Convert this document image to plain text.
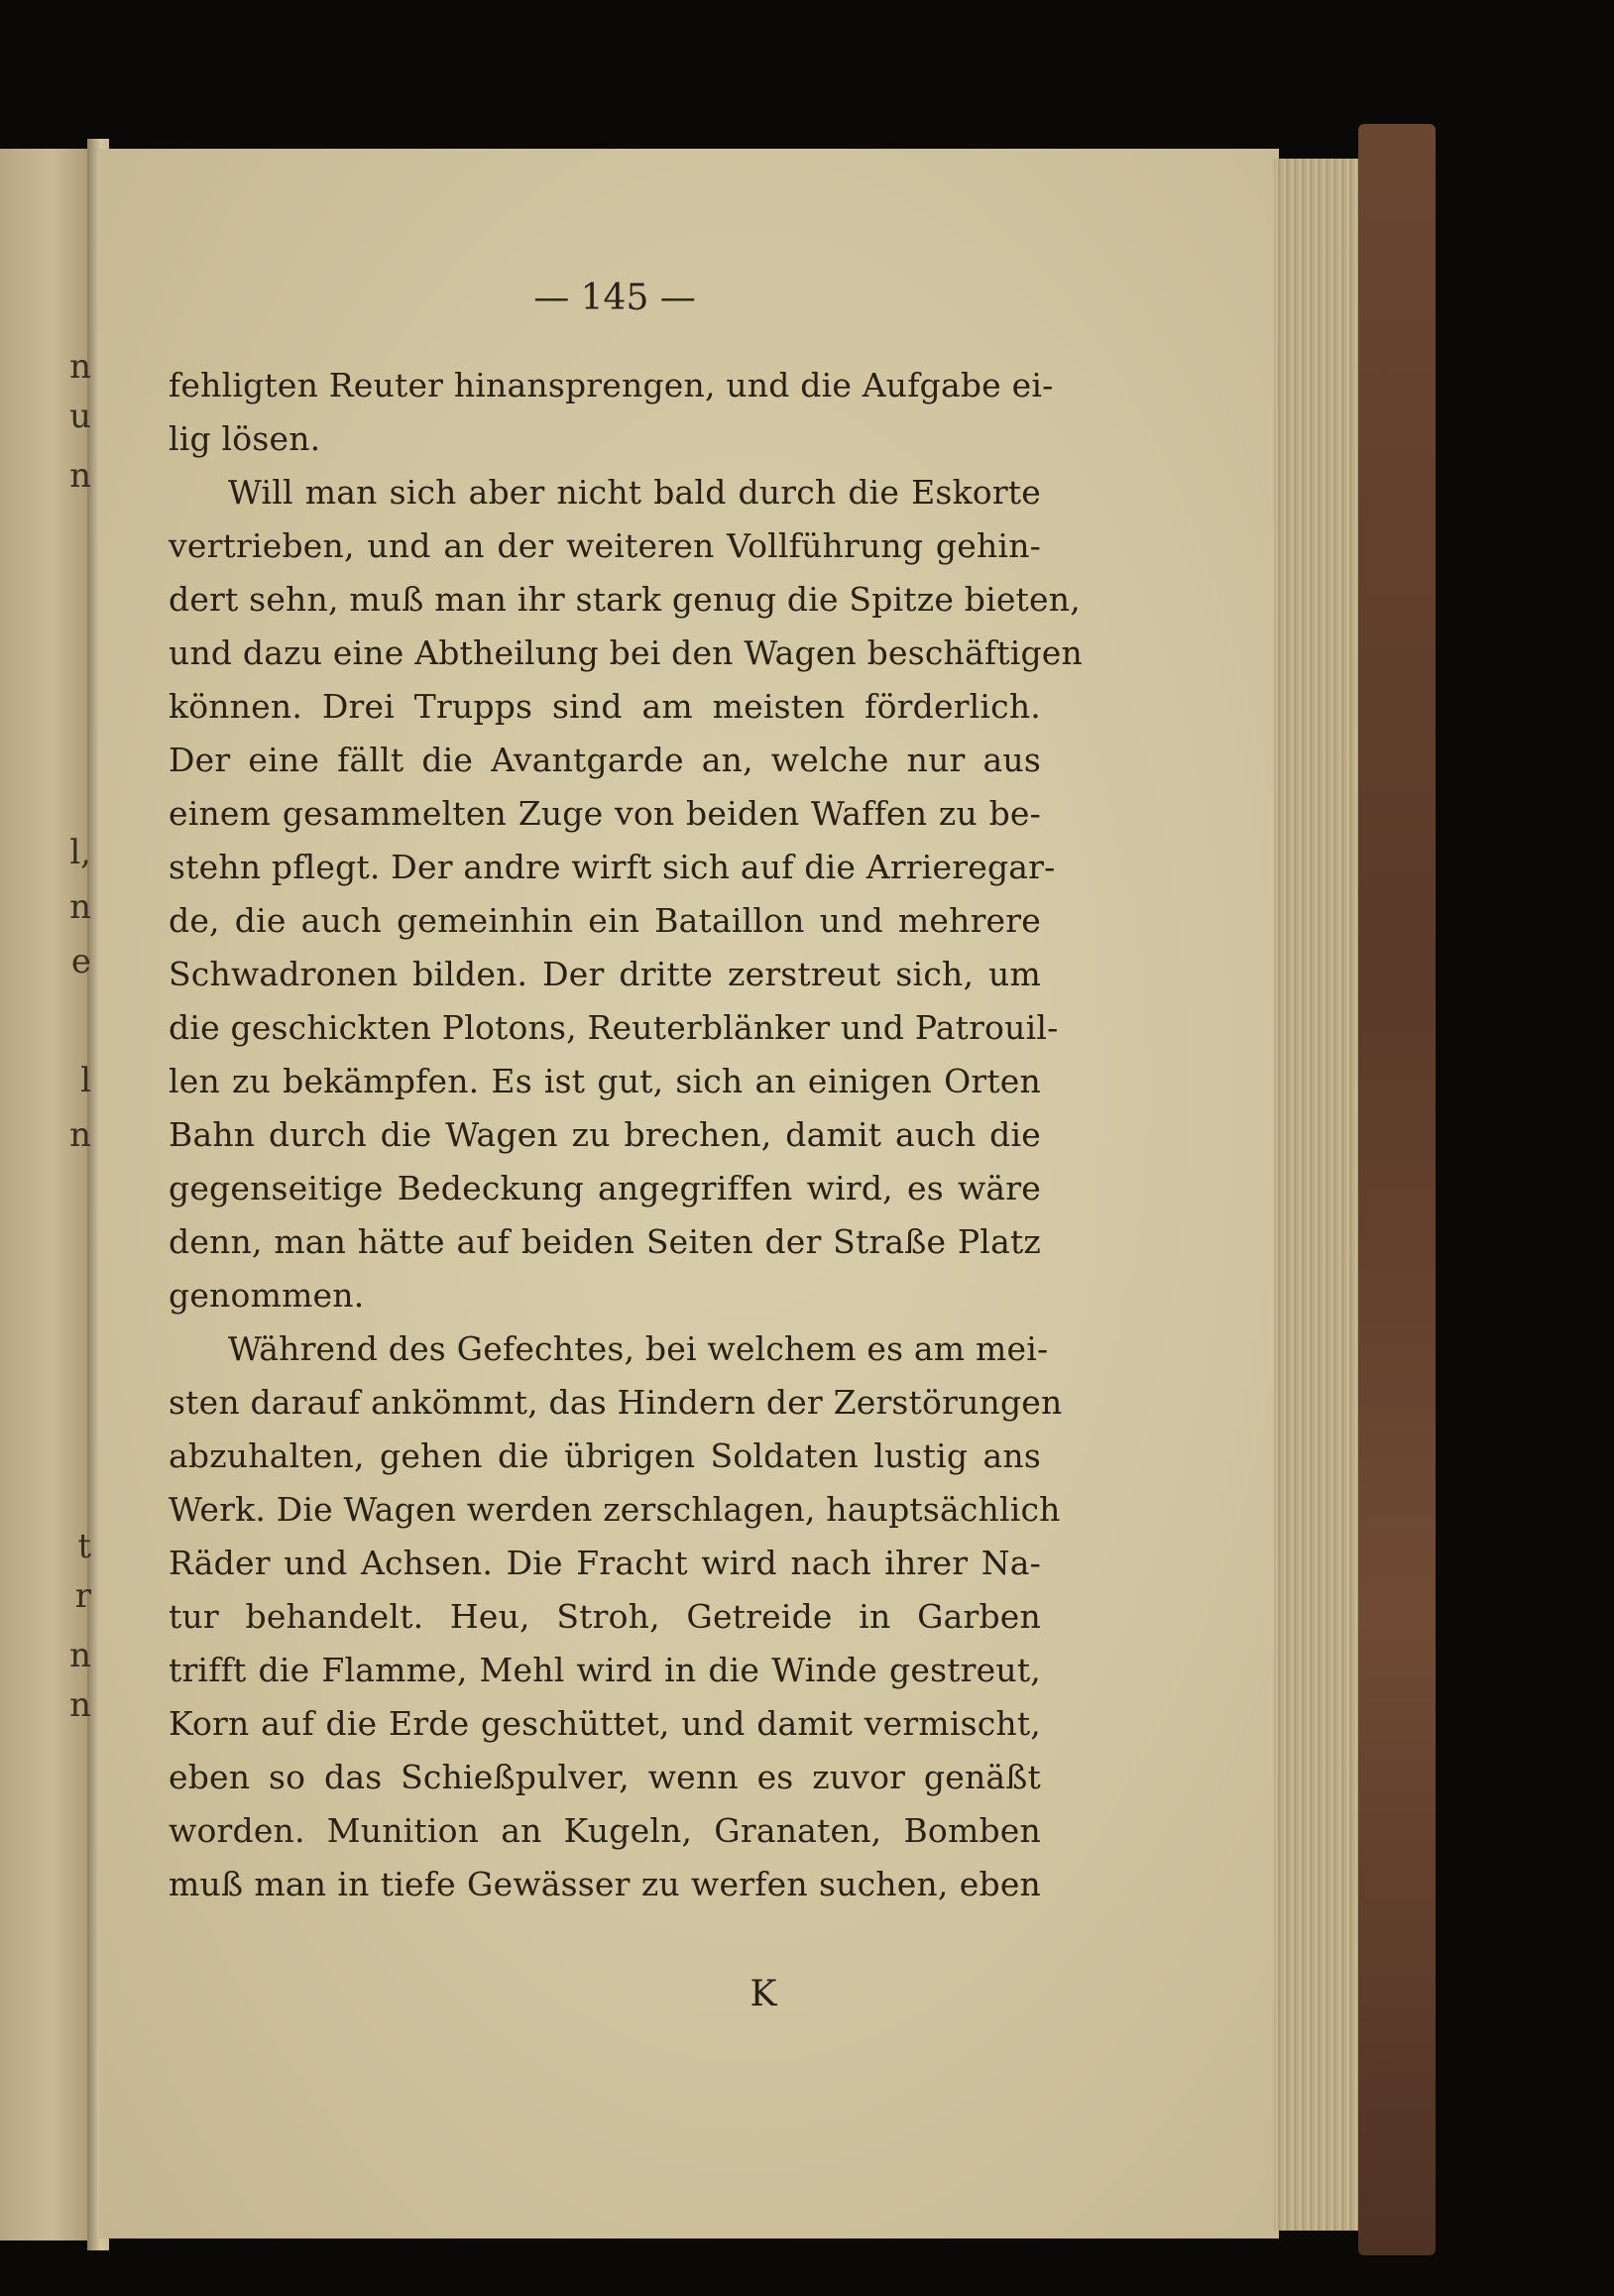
n
u
n
l,
n
e
l
n
t
r
n
n
— 145 —
fehligten Reuter hinansprengen, und die Aufgabe ei-
lig lösen.
Will man sich aber nicht bald durch die Eskorte
vertrieben, und an der weiteren Vollführung gehin-
dert sehn, muß man ihr stark genug die Spitze bieten,
und dazu eine Abtheilung bei den Wagen beschäftigen
können. Drei Trupps sind am meisten förderlich.
Der eine fällt die Avantgarde an, welche nur aus
einem gesammelten Zuge von beiden Waffen zu be-
stehn pflegt. Der andre wirft sich auf die Arrieregar-
de, die auch gemeinhin ein Bataillon und mehrere
Schwadronen bilden. Der dritte zerstreut sich, um
die geschickten Plotons, Reuterblänker und Patrouil-
len zu bekämpfen. Es ist gut, sich an einigen Orten
Bahn durch die Wagen zu brechen, damit auch die
gegenseitige Bedeckung angegriffen wird, es wäre
denn, man hätte auf beiden Seiten der Straße Platz
genommen.
Während des Gefechtes, bei welchem es am mei-
sten darauf ankömmt, das Hindern der Zerstörungen
abzuhalten, gehen die übrigen Soldaten lustig ans
Werk. Die Wagen werden zerschlagen, hauptsächlich
Räder und Achsen. Die Fracht wird nach ihrer Na-
tur behandelt. Heu, Stroh, Getreide in Garben
trifft die Flamme, Mehl wird in die Winde gestreut,
Korn auf die Erde geschüttet, und damit vermischt,
eben so das Schießpulver, wenn es zuvor genäßt
worden. Munition an Kugeln, Granaten, Bomben
muß man in tiefe Gewässer zu werfen suchen, eben
K
